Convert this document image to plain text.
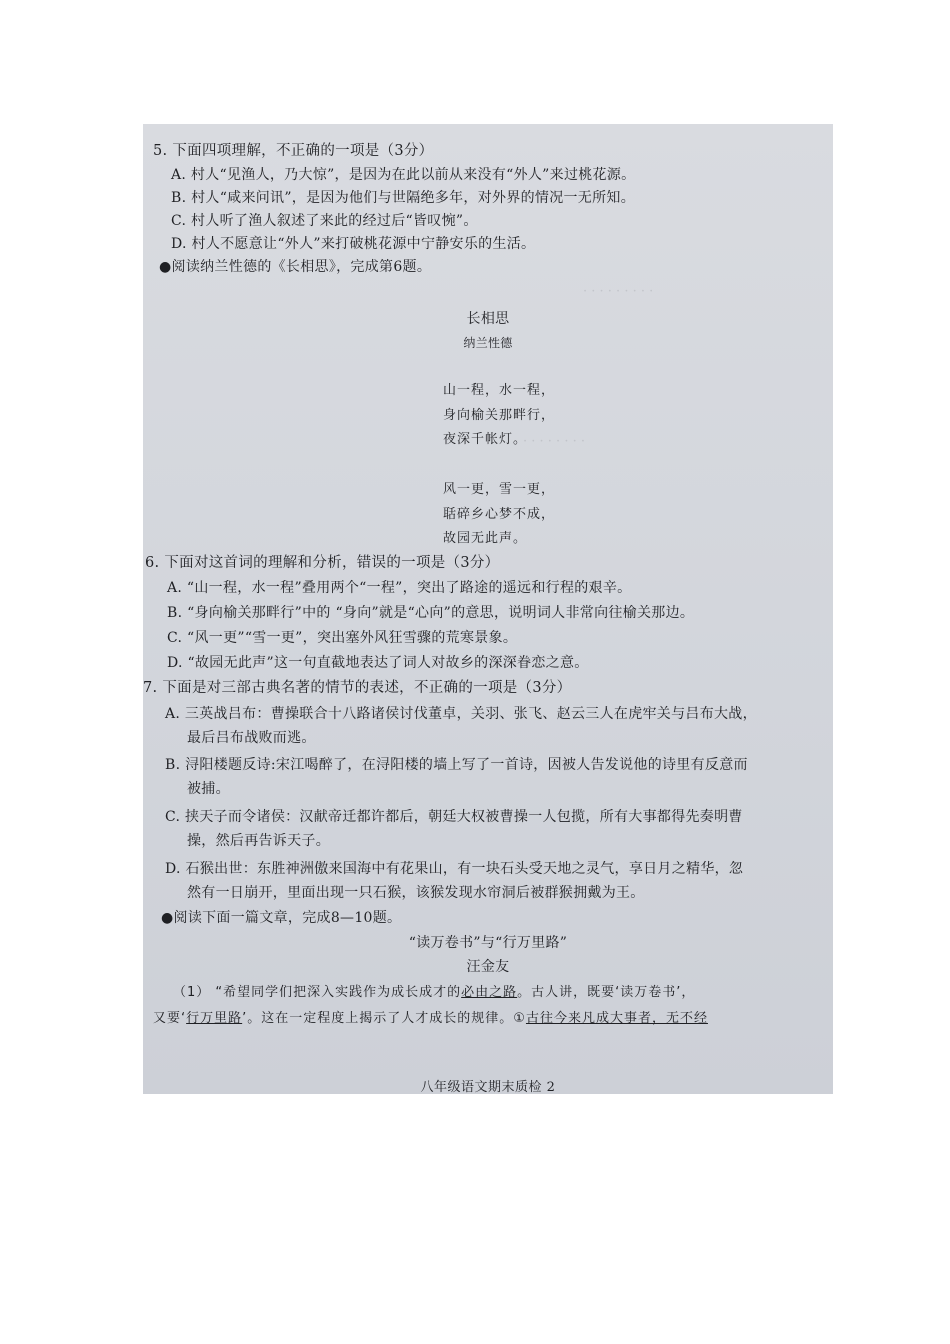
· · · · · · · · ·
· · · · · · · ·
5. 下面四项理解，不正确的一项是（3分）
A. 村人“见渔人，乃大惊”，是因为在此以前从来没有“外人”来过桃花源。
B. 村人“咸来问讯”，是因为他们与世隔绝多年，对外界的情况一无所知。
C. 村人听了渔人叙述了来此的经过后“皆叹惋”。
D. 村人不愿意让“外人”来打破桃花源中宁静安乐的生活。
●阅读纳兰性德的《长相思》，完成第6题。
长相思
纳兰性德
山一程，水一程，
身向榆关那畔行，
夜深千帐灯。
风一更，雪一更，
聒碎乡心梦不成，
故园无此声。
6. 下面对这首词的理解和分析，错误的一项是（3分）
A. “山一程，水一程”叠用两个“一程”，突出了路途的遥远和行程的艰辛。
B. “身向榆关那畔行”中的 “身向”就是“心向”的意思，说明词人非常向往榆关那边。
C. “风一更”“雪一更”，突出塞外风狂雪骤的荒寒景象。
D. “故园无此声”这一句直截地表达了词人对故乡的深深眷恋之意。
7. 下面是对三部古典名著的情节的表述，不正确的一项是（3分）
A. 三英战吕布：曹操联合十八路诸侯讨伐董卓，关羽、张飞、赵云三人在虎牢关与吕布大战，
最后吕布战败而逃。
B. 浔阳楼题反诗:宋江喝醉了，在浔阳楼的墙上写了一首诗，因被人告发说他的诗里有反意而
被捕。
C. 挟天子而令诸侯：汉献帝迁都许都后，朝廷大权被曹操一人包揽，所有大事都得先奏明曹
操，然后再告诉天子。
D. 石猴出世：东胜神洲傲来国海中有花果山，有一块石头受天地之灵气，享日月之精华，忽
然有一日崩开，里面出现一只石猴，该猴发现水帘洞后被群猴拥戴为王。
●阅读下面一篇文章，完成8—10题。
“读万卷书”与“行万里路”
汪金友
（1） “希望同学们把深入实践作为成长成才的必由之路。古人讲，既要‘读万卷书’，
又要‘行万里路’。这在一定程度上揭示了人才成长的规律。①古往今来凡成大事者，无不经
八年级语文期末质检 2
